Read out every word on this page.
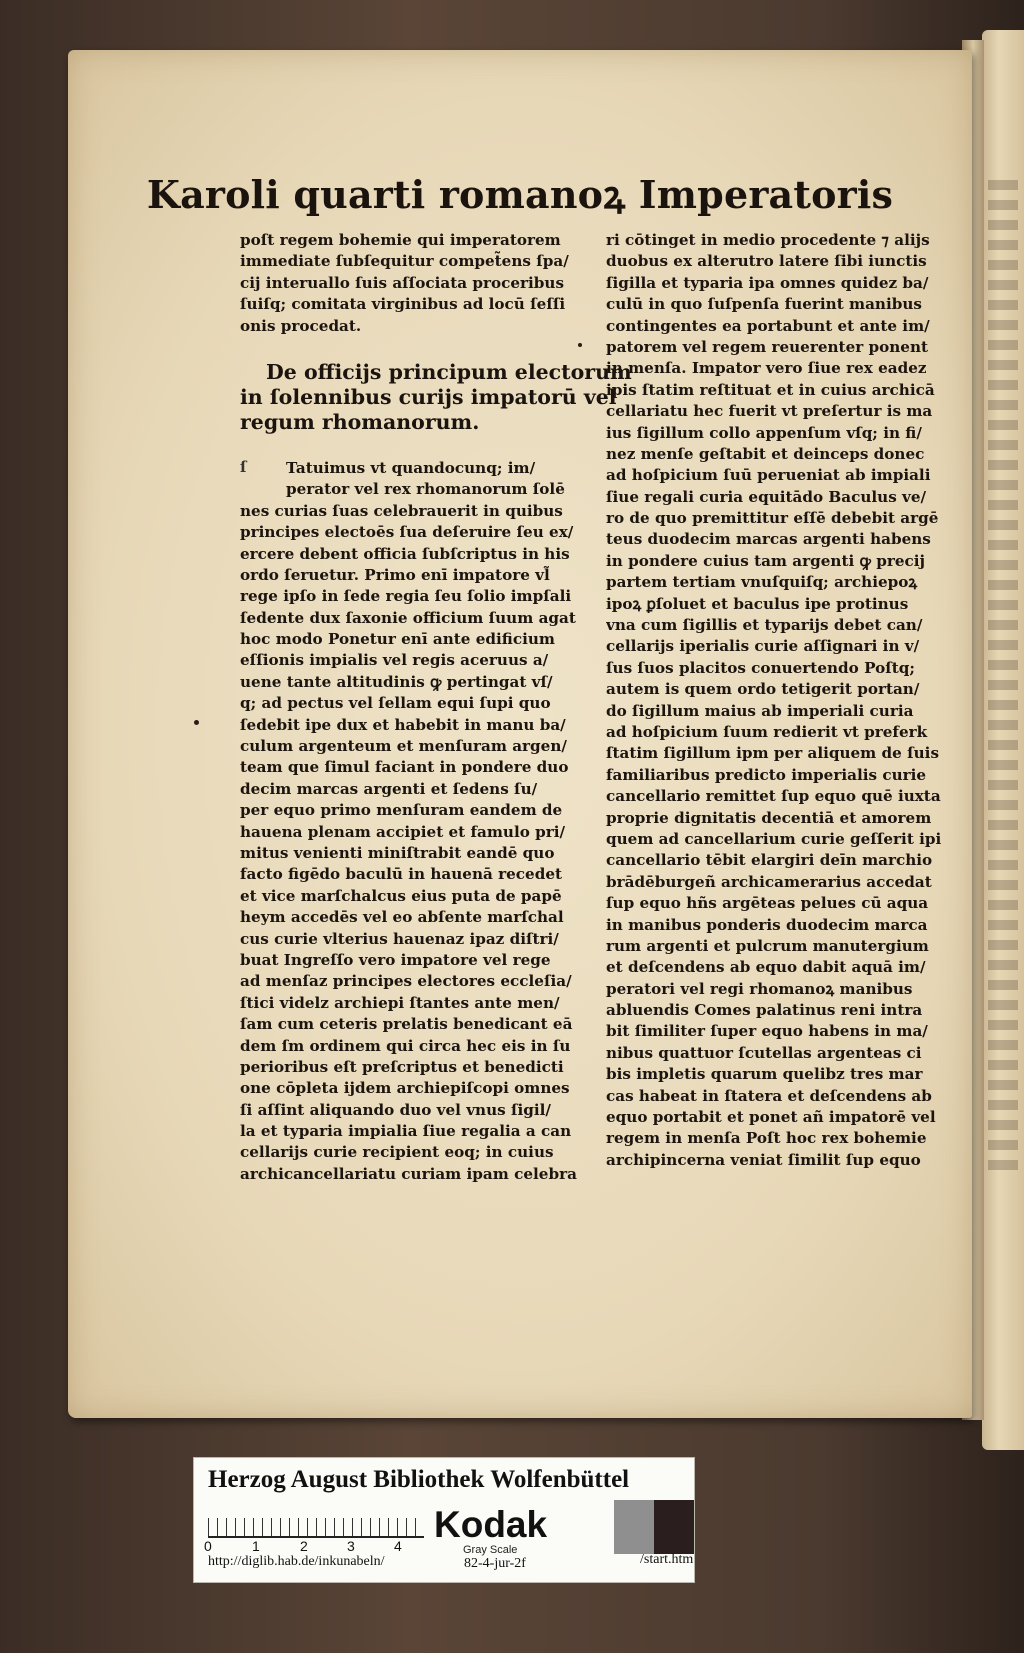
Karoli quarti romanoꝝ Imperatoris
poſt regem bohemie qui imperatorem
immediate ſubſequitur compet̃ens ſpa/
cij interuallo ſuis aſſociata proceribus
ſuiſq; comitata virginibus ad locū ſeſſi
onis procedat.
De officijs principum electorum
in ſolennibus curijs impatorū vel
regum rhomanorum.
ſ	Tatuimus vt quandocunq; im/
perator vel rex rhomanorum ſolē
nes curias ſuas celebrauerit in quibus
principes electoēs ſua deſeruire ſeu ex/
ercere debent officia ſubſcriptus in his
ordo ſeruetur. Primo enī impatore vl̃
rege ipſo in ſede regia ſeu ſolio impſali
ſedente dux ſaxonie officium ſuum agat
hoc modo Ponetur enī ante edificium
eſſionis impialis vel regis aceruus a/
uene tante altitudinis ꝙ pertingat vſ/
q; ad pectus vel ſellam equi ſupi quo
ſedebit ipe dux et habebit in manu ba/
culum argenteum et menſuram argen/
team que ſimul faciant in pondere duo
decim marcas argenti et ſedens ſu/
per equo primo menſuram eandem de
hauena plenam accipiet et famulo pri/
mitus venienti miniſtrabit eandē quo
facto figēdo baculū in hauenā recedet
et vice marſchalcus eius puta de papē
heym accedēs vel eo abſente marſchal
cus curie vlterius hauenaz ipaz diſtri/
buat Ingreſſo vero impatore vel rege
ad menſaz principes electores eccleſia/
ſtici videlz archiepi ſtantes ante men/
ſam cum ceteris prelatis benedicant eā
dem ſm ordinem qui circa hec eis in ſu
perioribus eſt preſcriptus et benedicti
one cōpleta ijdem archiepiſcopi omnes
ſi aſſint aliquando duo vel vnus ſigil/
la et typaria impialia ſiue regalia a can
cellarijs curie recipient eoq; in cuius
archicancellariatu curiam ipam celebra
ri cōtinget in medio procedente ⁊ alijs
duobus ex alterutro latere ſibi iunctis
ſigilla et typaria ipa omnes quidez ba/
culū in quo ſuſpenſa fuerint manibus
contingentes ea portabunt et ante im/
patorem vel regem reuerenter ponent
in menſa. Impator vero ſiue rex eadez
ipis ſtatim reſtituat et in cuius archicā
cellariatu hec fuerit vt preſertur is ma
ius ſigillum collo appenſum vſq; in fi/
nez menſe geſtabit et deinceps donec
ad hoſpicium ſuū perueniat ab impiali
ſiue regali curia equitādo Baculus ve/
ro de quo premittitur eſſē debebit argē
teus duodecim marcas argenti habens
in pondere cuius tam argenti ꝙ precij
partem tertiam vnuſquiſq; archiepoꝝ
ipoꝝ ꝑſoluet et baculus ipe protinus
vna cum ſigillis et typarijs debet can/
cellarijs iperialis curie aſſignari in v/
ſus ſuos placitos conuertendo Poſtq;
autem is quem ordo tetigerit portan/
do ſigillum maius ab imperiali curia
ad hoſpicium ſuum redierit vt preferk
ſtatim ſigillum ipm per aliquem de ſuis
familiaribus predicto imperialis curie
cancellario remittet ſup equo quē iuxta
proprie dignitatis decentiā et amorem
quem ad cancellarium curie geſſerit ipi
cancellario tēbit elargiri deīn marchio
brādēburgeñ archicamerarius accedat
ſup equo hñs argēteas pelues cū aqua
in manibus ponderis duodecim marca
rum argenti et pulcrum manutergium
et deſcendens ab equo dabit aquā im/
peratori vel regi rhomanoꝝ manibus
abluendis Comes palatinus reni intra
bit ſimiliter ſuper equo habens in ma/
nibus quattuor ſcutellas argenteas ci
bis impletis quarum quelibz tres mar
cas habeat in ſtatera et deſcendens ab
equo portabit et ponet añ impatorē vel
regem in menſa Poſt hoc rex bohemie
archipincerna veniat ſimilit ſup equo
Herzog August Bibliothek Wolfenbüttel
0	1	2	3	4
Kodak
Gray Scale
http://diglib.hab.de/inkunabeln/	82-4-jur-2f	/start.htm
